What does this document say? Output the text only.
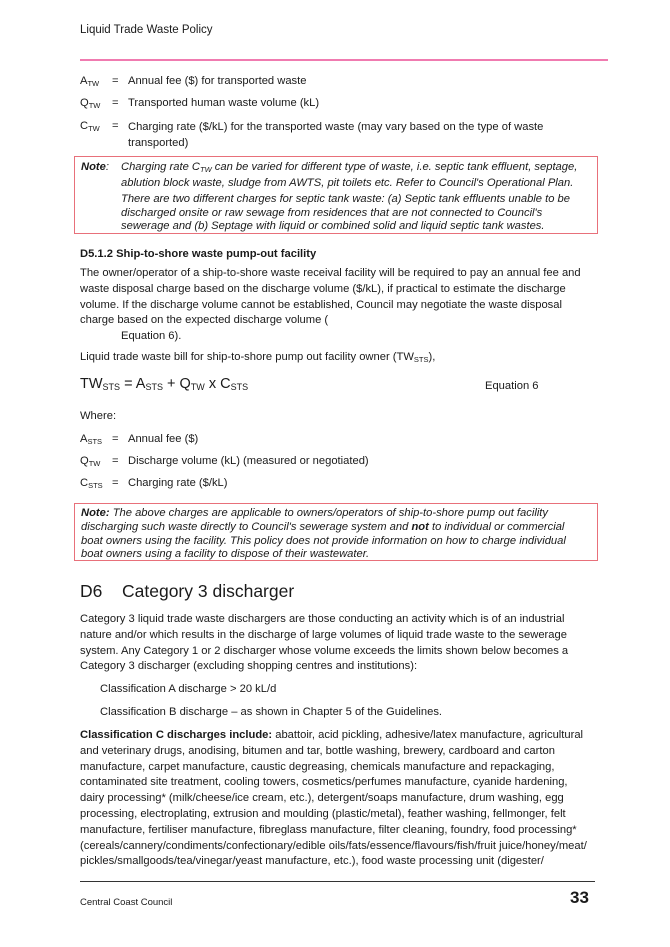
Liquid Trade Waste Policy
$A_{TW}$ = Annual fee ($) for transported waste
$Q_{TW}$ = Transported human waste volume (kL)
$C_{TW}$ = Charging rate ($/kL) for the transported waste (may vary based on the type of waste transported)
Note: Charging rate $C_{TW}$ can be varied for different type of waste, i.e. septic tank effluent, septage, ablution block waste, sludge from AWTS, pit toilets etc. Refer to Council's Operational Plan.
There are two different charges for septic tank waste: (a) Septic tank effluents unable to be discharged onsite or raw sewage from residences that are not connected to Council's sewerage and (b) Septage with liquid or combined solid and liquid septic tank wastes.
D5.1.2 Ship-to-shore waste pump-out facility
The owner/operator of a ship-to-shore waste receival facility will be required to pay an annual fee and waste disposal charge based on the discharge volume ($/kL), if practical to estimate the discharge volume. If the discharge volume cannot be established, Council may negotiate the waste disposal charge based on the expected discharge volume (
Equation 6).
Liquid trade waste bill for ship-to-shore pump out facility owner $(TW_{STS})$,
$TW_{STS} = A_{STS} + Q_{TW}$ x $C_{STS}$	Equation 6
Where:
$A_{STS}$ = Annual fee ($)
$Q_{TW}$ = Discharge volume (kL) (measured or negotiated)
$C_{STS}$ = Charging rate ($/kL)
Note: The above charges are applicable to owners/operators of ship-to-shore pump out facility discharging such waste directly to Council's sewerage system and not to individual or commercial boat owners using the facility. This policy does not provide information on how to charge individual boat owners using a facility to dispose of their wastewater.
D6 Category 3 discharger
Category 3 liquid trade waste dischargers are those conducting an activity which is of an industrial nature and/or which results in the discharge of large volumes of liquid trade waste to the sewerage system. Any Category 1 or 2 discharger whose volume exceeds the limits shown below becomes a Category 3 discharger (excluding shopping centres and institutions):
Classification A discharge > 20 kL/d
Classification B discharge – as shown in Chapter 5 of the Guidelines.
Classification C discharges include: abattoir, acid pickling, adhesive/latex manufacture, agricultural and veterinary drugs, anodising, bitumen and tar, bottle washing, brewery, cardboard and carton manufacture, carpet manufacture, caustic degreasing, chemicals manufacture and repackaging, contaminated site treatment, cooling towers, cosmetics/perfumes manufacture, cyanide hardening, dairy processing* (milk/cheese/ice cream, etc.), detergent/soaps manufacture, drum washing, egg processing, electroplating, extrusion and moulding (plastic/metal), feather washing, fellmonger, felt manufacture, fertiliser manufacture, fibreglass manufacture, filter cleaning, foundry, food processing* (cereals/cannery/condiments/confectionary/edible oils/fats/essence/flavours/fish/fruit juice/honey/meat/ pickles/smallgoods/tea/vinegar/yeast manufacture, etc.), food waste processing unit (digester/
Central Coast Council	33
